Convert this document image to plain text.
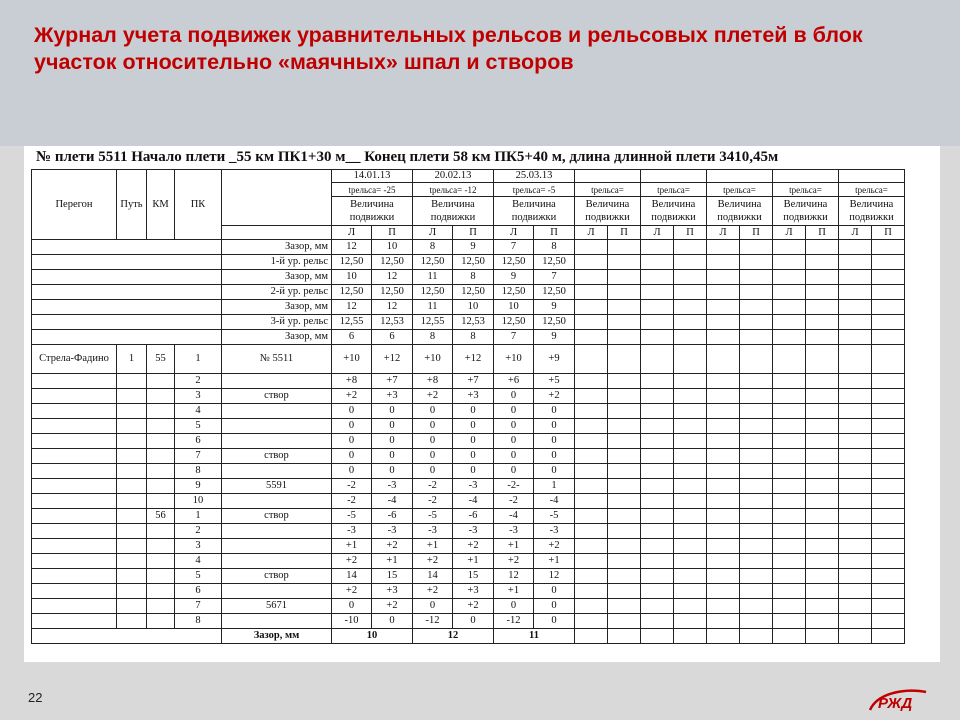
Журнал учета подвижек уравнительных рельсов и рельсовых плетей в блок участок относительно «маячных» шпал и створов
№ плети 5511 Начало плети _55 км ПК1+30 м__ Конец плети 58 км ПК5+40 м, длина длинной плети 3410,45м
Перегон	Путь	КМ	ПК		14.01.13		20.02.13		25.03.13											
					tрельса= -25		tрельса= -12		tрельса= -5		tрельса=		tрельса=		tрельса=		tрельса=		tрельса=	
					Величина подвижки		Величина подвижки		Величина подвижки		Величина подвижки		Величина подвижки		Величина подвижки		Величина подвижки		Величина подвижки	
					Л	П	Л	П	Л	П	Л	П	Л	П	Л	П	Л	П	Л	П
				Зазор, мм	12	10	8	9	7	8										
				1-й ур. рельс	12,50	12,50	12,50	12,50	12,50	12,50										
				Зазор, мм	10	12	11	8	9	7										
				2-й ур. рельс	12,50	12,50	12,50	12,50	12,50	12,50										
				Зазор, мм	12	12	11	10	10	9										
				3-й ур. рельс	12,55	12,53	12,55	12,53	12,50	12,50										
				Зазор, мм	6	6	8	8	7	9										
Стрела-Фадино	1	55	1	№ 5511	+10	+12	+10	+12	+10	+9										
			2		+8	+7	+8	+7	+6	+5										
			3	створ	+2	+3	+2	+3	0	+2										
			4		0	0	0	0	0	0										
			5		0	0	0	0	0	0										
			6		0	0	0	0	0	0										
			7	створ	0	0	0	0	0	0										
			8		0	0	0	0	0	0										
			9	5591	-2	-3	-2	-3	-2-	1										
			10		-2	-4	-2	-4	-2	-4										
		56	1	створ	-5	-6	-5	-6	-4	-5										
			2		-3	-3	-3	-3	-3	-3										
			3		+1	+2	+1	+2	+1	+2										
			4		+2	+1	+2	+1	+2	+1										
			5	створ	14	15	14	15	12	12										
			6		+2	+3	+2	+3	+1	0										
			7	5671	0	+2	0	+2	0	0										
			8		-10	0	-12	0	-12	0										
				Зазор, мм	10		12		11											
22	РЖД
